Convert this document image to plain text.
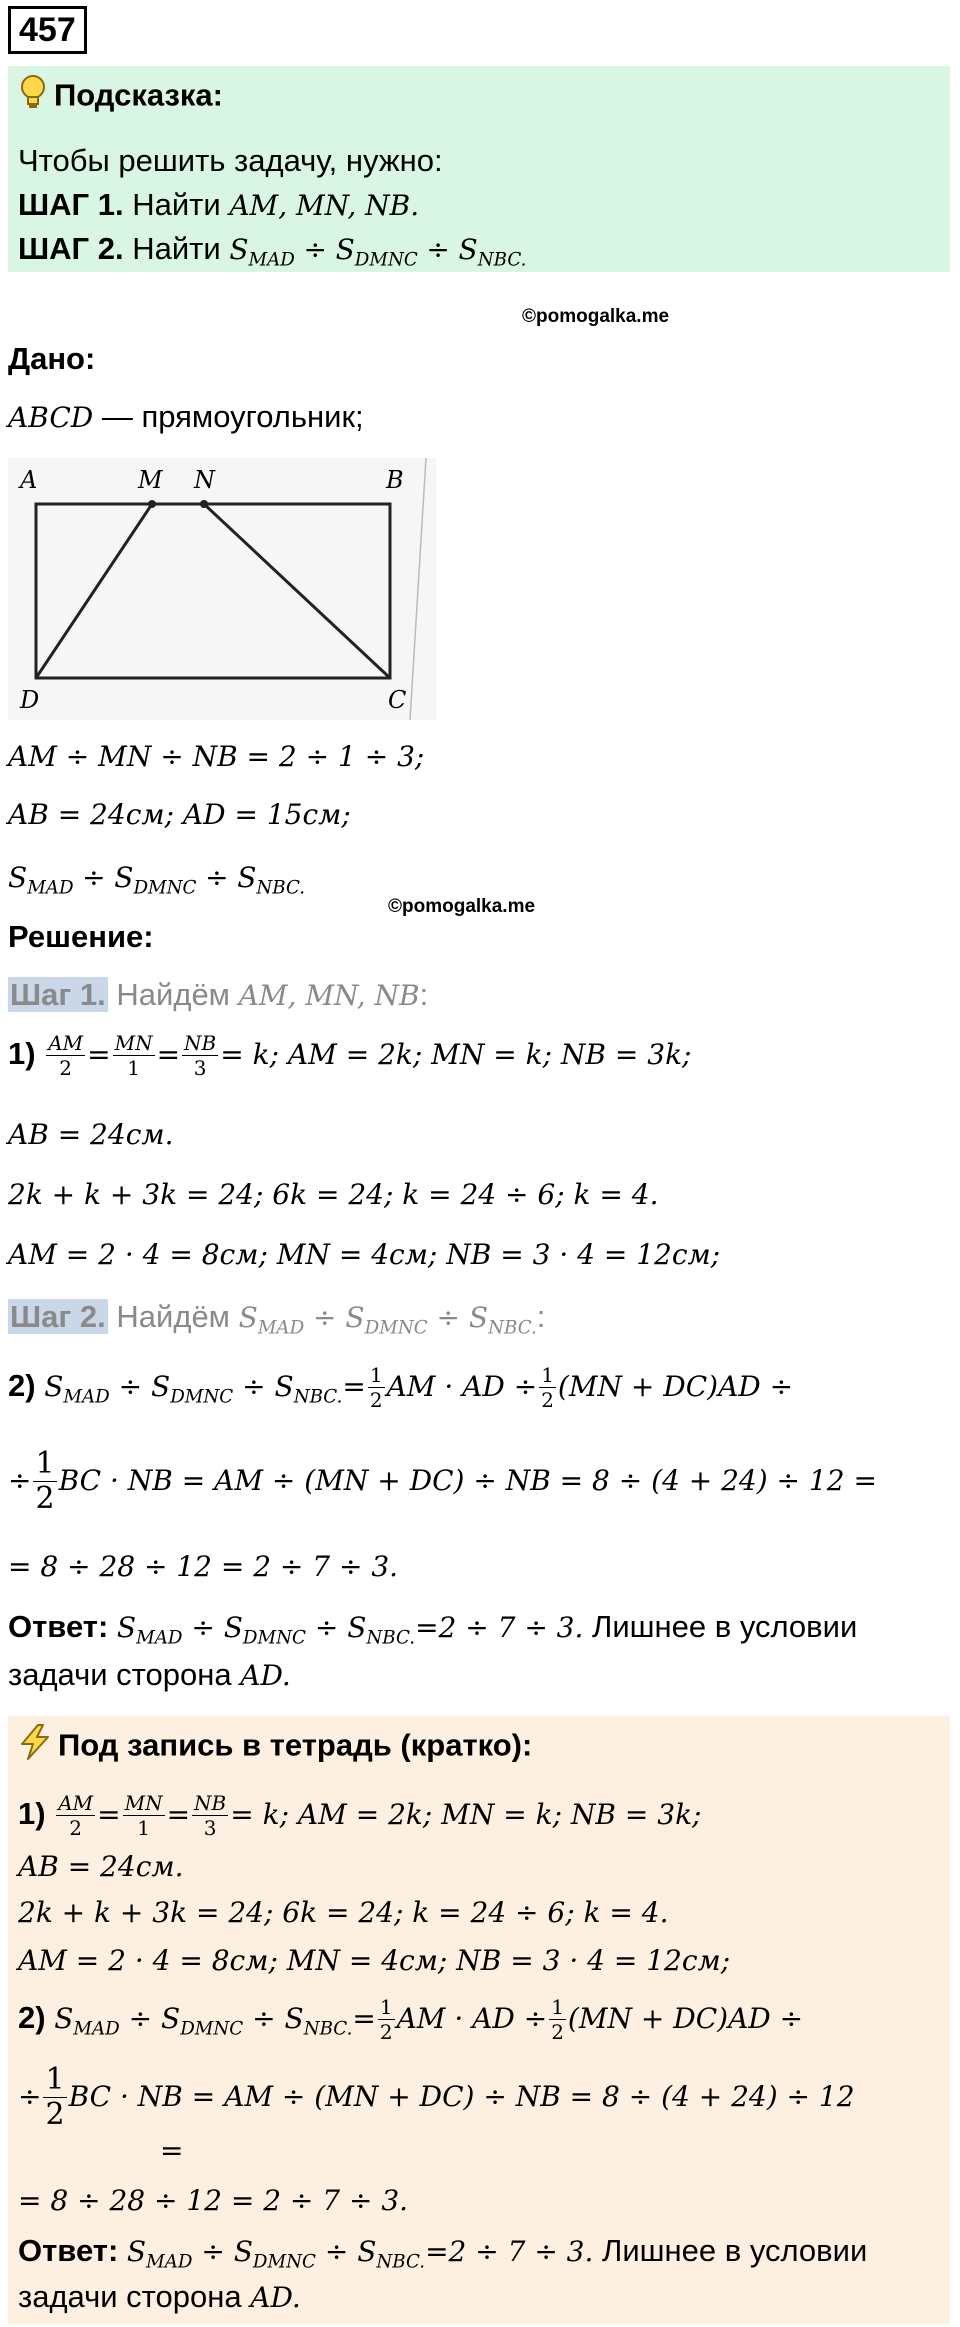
457
Подсказка:
Чтобы решить задачу, нужно:
ШАГ 1. Найти AM, MN, NB.
ШАГ 2. Найти $S_{MAD} \div S_{DMNC} \div S_{NBC.}$
©pomogalka.me
Дано:
ABCD — прямоугольник;
A	M N	B
D	C
AM ÷ MN ÷ NB = 2 ÷ 1 ÷ 3;
AB = 24см; AD = 15см;
$S_{MAD} \div S_{DMNC} \div S_{NBC.}$
©pomogalka.me
Решение:
Шаг 1. Найдём AM, MN, NB:
$1) \frac{AM}{2} = \frac{MN}{1} = \frac{NB}{3} = k$; AM = 2k; MN = k; NB = 3k;
AB = 24см.
2k + k + 3k = 24; 6k = 24; k = 24 ÷ 6; k = 4.
AM = 2 · 4 = 8см; MN = 4см; NB = 3 · 4 = 12см;
Шаг 2. Найдём $S_{MAD} \div S_{DMNC} \div S_{NBC.}$:
2) $S_{MAD} \div S_{DMNC} \div S_{NBC.}= \frac{1}{2}$ AM · AD ÷ $\frac{1}{2} (MN + DC)AD$ ÷
÷ $\frac{1}{2}$ BC · NB = AM ÷ (MN + DC) ÷ NB = 8 ÷ (4 + 24) ÷ 12 =
= 8 ÷ 28 ÷ 12 = 2 ÷ 7 ÷ 3.
Ответ: $S_{MAD} \div S_{DMNC} \div S_{NBC.}=2 \div 7 \div 3$. Лишнее в условии
задачи сторона AD.
Под запись в тетрадь (кратко):
$1) \frac{AM}{2} = \frac{MN}{1} = \frac{NB}{3} = k$; AM = 2k; MN = k; NB = 3k;
AB = 24см.
2k + k + 3k = 24; 6k = 24; k = 24 ÷ 6; k = 4.
AM = 2 · 4 = 8см; MN = 4см; NB = 3 · 4 = 12см;
2) $S_{MAD} \div S_{DMNC} \div S_{NBC.}= \frac{1}{2}$ AM · AD ÷ $\frac{1}{2} (MN + DC)AD$ ÷
÷ $\frac{1}{2}$ BC · NB = AM ÷ (MN + DC) ÷ NB = 8 ÷ (4 + 24) ÷ 12
=
= 8 ÷ 28 ÷ 12 = 2 ÷ 7 ÷ 3.
Ответ: $S_{MAD} \div S_{DMNC} \div S_{NBC.}=2 \div 7 \div 3$. Лишнее в условии
задачи сторона AD.
